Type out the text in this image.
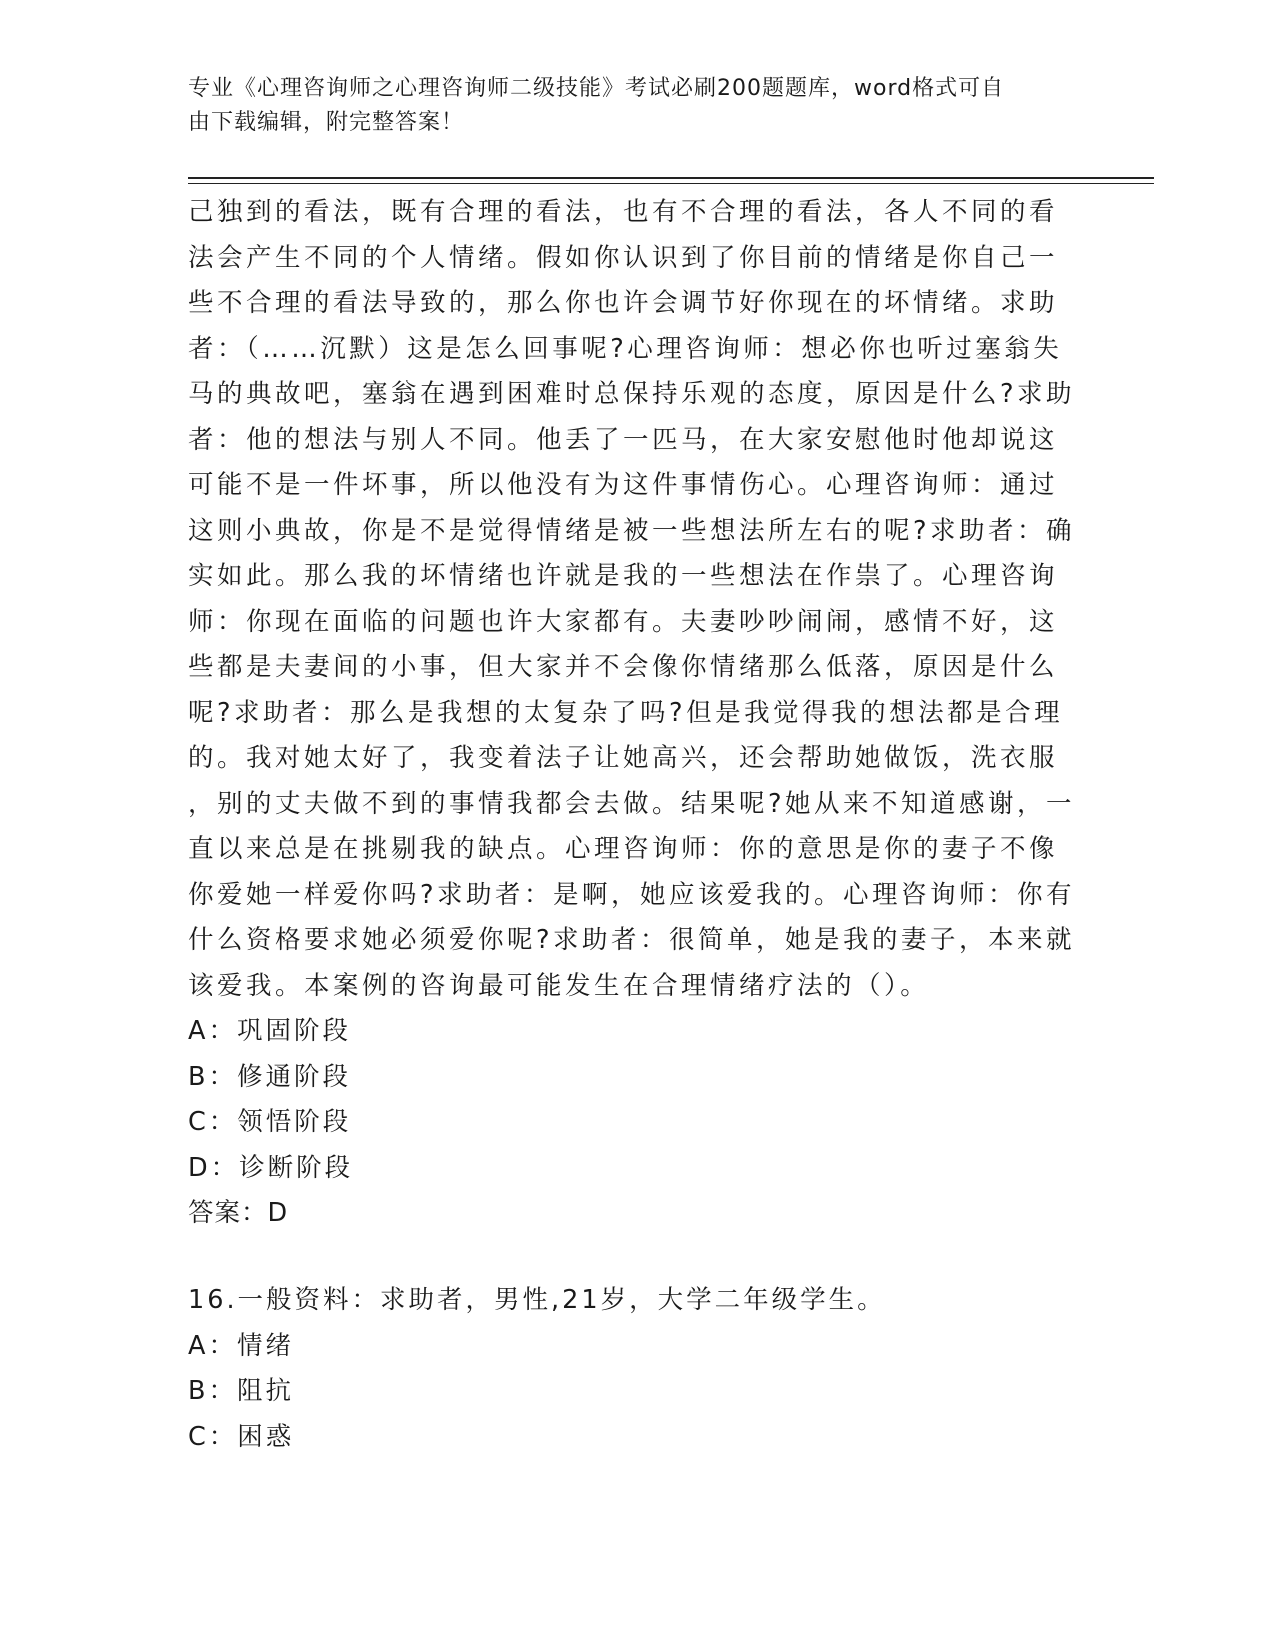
专业《心理咨询师之心理咨询师二级技能》考试必刷200题题库，word格式可自
由下载编辑，附完整答案！
己独到的看法，既有合理的看法，也有不合理的看法，各人不同的看
法会产生不同的个人情绪。假如你认识到了你目前的情绪是你自己一
些不合理的看法导致的，那么你也许会调节好你现在的坏情绪。求助
者：（……沉默）这是怎么回事呢?心理咨询师：想必你也听过塞翁失
马的典故吧，塞翁在遇到困难时总保持乐观的态度，原因是什么?求助
者：他的想法与别人不同。他丢了一匹马，在大家安慰他时他却说这
可能不是一件坏事，所以他没有为这件事情伤心。心理咨询师：通过
这则小典故，你是不是觉得情绪是被一些想法所左右的呢?求助者：确
实如此。那么我的坏情绪也许就是我的一些想法在作祟了。心理咨询
师：你现在面临的问题也许大家都有。夫妻吵吵闹闹，感情不好，这
些都是夫妻间的小事，但大家并不会像你情绪那么低落，原因是什么
呢?求助者：那么是我想的太复杂了吗?但是我觉得我的想法都是合理
的。我对她太好了，我变着法子让她高兴，还会帮助她做饭，洗衣服
，别的丈夫做不到的事情我都会去做。结果呢?她从来不知道感谢，一
直以来总是在挑剔我的缺点。心理咨询师：你的意思是你的妻子不像
你爱她一样爱你吗?求助者：是啊，她应该爱我的。心理咨询师：你有
什么资格要求她必须爱你呢?求助者：很简单，她是我的妻子，本来就
该爱我。本案例的咨询最可能发生在合理情绪疗法的（）。
A：巩固阶段
B：修通阶段
C：领悟阶段
D：诊断阶段
答案：D
16.一般资料：求助者，男性,21岁，大学二年级学生。
A：情绪
B：阻抗
C：困惑
